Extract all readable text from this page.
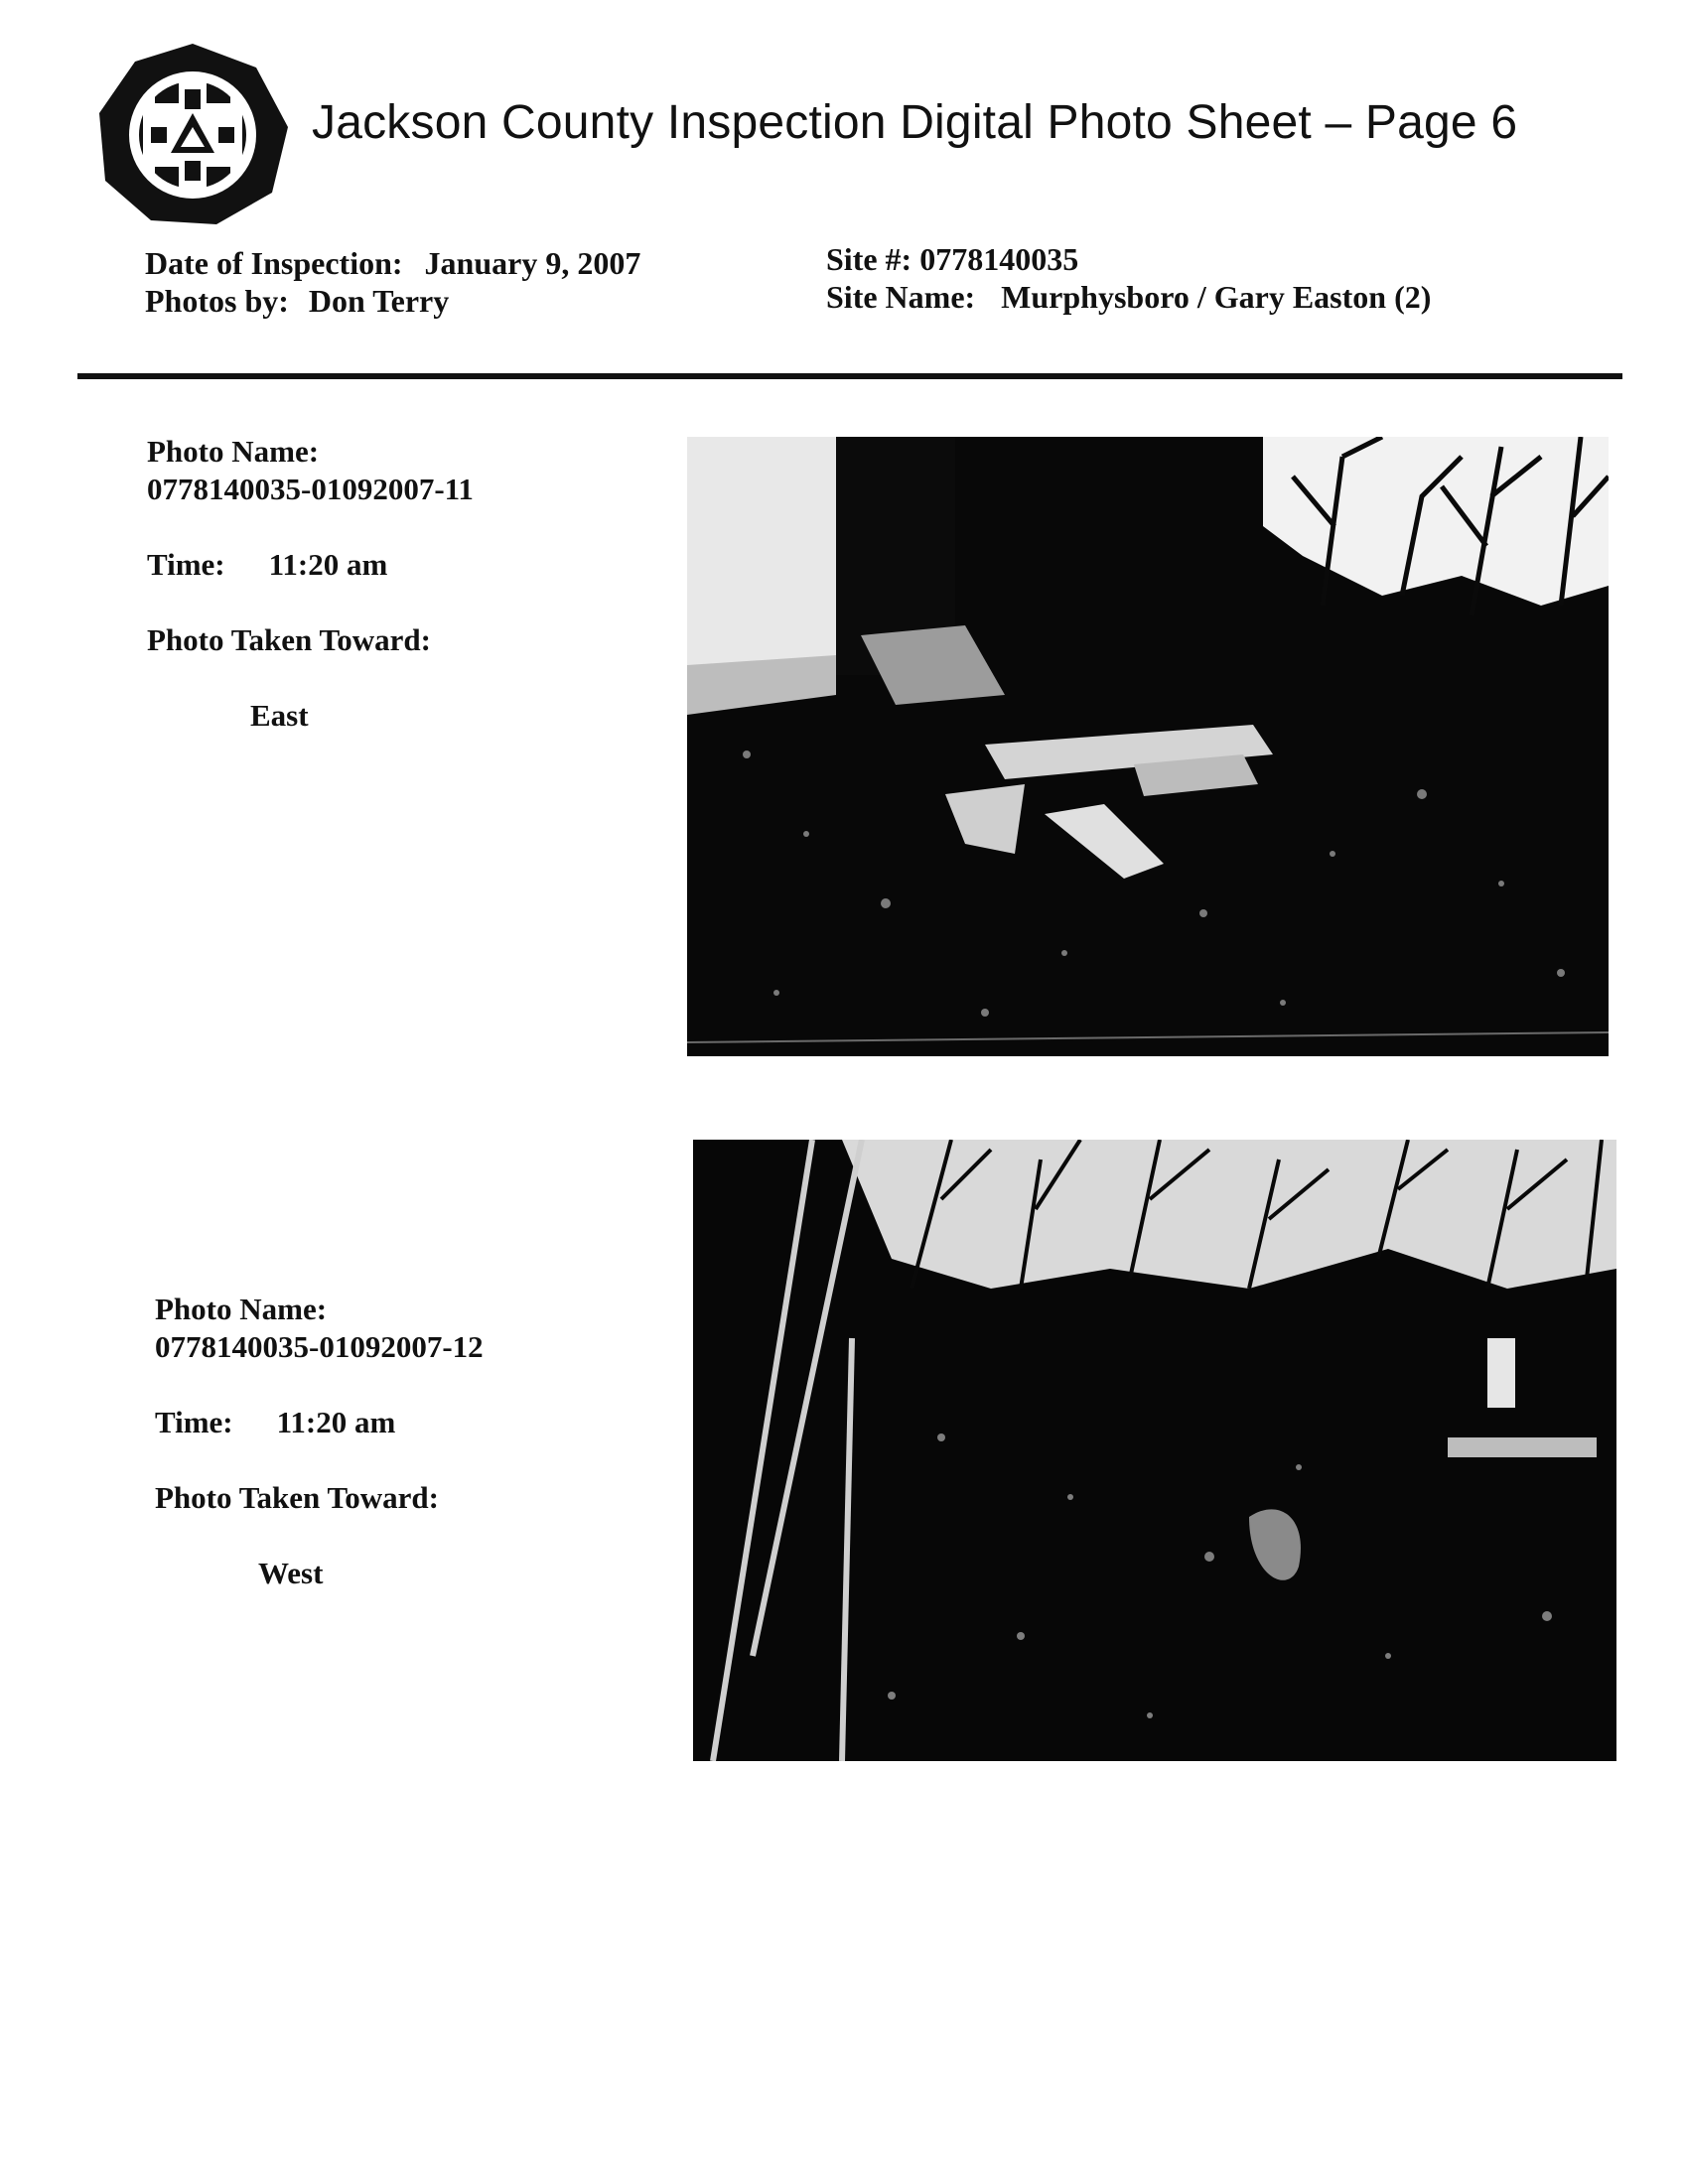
Jackson County Inspection Digital Photo Sheet – Page 6
Date of Inspection: January 9, 2007
Photos by: Don Terry
Site #: 0778140035
Site Name: Murphysboro / Gary Easton (2)
Photo Name:
0778140035-01092007-11
Time: 11:20 am
Photo Taken Toward:
East
Photo Name:
0778140035-01092007-12
Time: 11:20 am
Photo Taken Toward:
West
